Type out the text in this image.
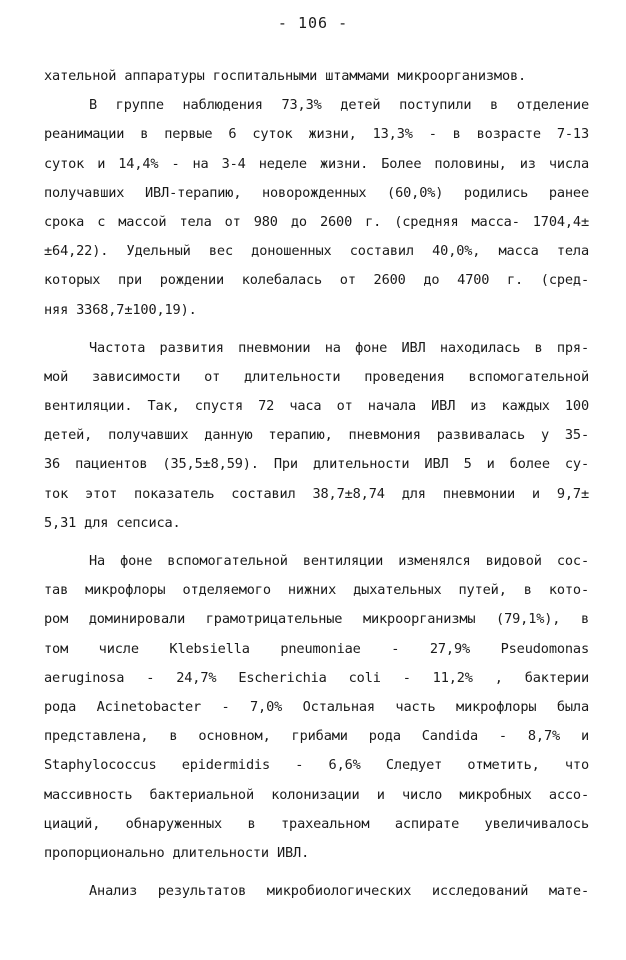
- 106 -
хательной аппаратуры госпитальными штаммами микроорганизмов.
В группе наблюдения 73,3% детей поступили в отделение
реанимации в первые 6 суток жизни, 13,3% - в возрасте 7-13
суток и 14,4% - на 3-4 неделе жизни. Более половины, из числа
получавших ИВЛ-терапию, новорожденных (60,0%) родились ранее
срока с массой тела от 980 до 2600 г. (средняя масса- 1704,4±
±64,22). Удельный вес доношенных составил 40,0%, масса тела
которых при рождении колебалась от 2600 до 4700 г. (сред-
няя 3368,7±100,19).
Частота развития пневмонии на фоне ИВЛ находилась в пря-
мой зависимости от длительности проведения вспомогательной
вентиляции. Так, спустя 72 часа от начала ИВЛ из каждых 100
детей, получавших данную терапию, пневмония развивалась у 35-
36 пациентов (35,5±8,59). При длительности ИВЛ 5 и более су-
ток этот показатель составил 38,7±8,74 для пневмонии и 9,7±
5,31 для сепсиса.
На фоне вспомогательной вентиляции изменялся видовой сос-
тав микрофлоры отделяемого нижних дыхательных путей, в кото-
ром доминировали грамотрицательные микроорганизмы (79,1%), в
том числе Klebsiella pneumoniae - 27,9% Pseudomonas
aeruginosa - 24,7% Escherichia coli - 11,2% , бактерии
рода Acinetobacter - 7,0% Остальная часть микрофлоры была
представлена, в основном, грибами рода Candida - 8,7% и
Staphylococcus epidermidis - 6,6% Следует отметить, что
массивность бактериальной колонизации и число микробных ассо-
циаций, обнаруженных в трахеальном аспирате увеличивалось
пропорционально длительности ИВЛ.
Анализ результатов микробиологических исследований мате-
